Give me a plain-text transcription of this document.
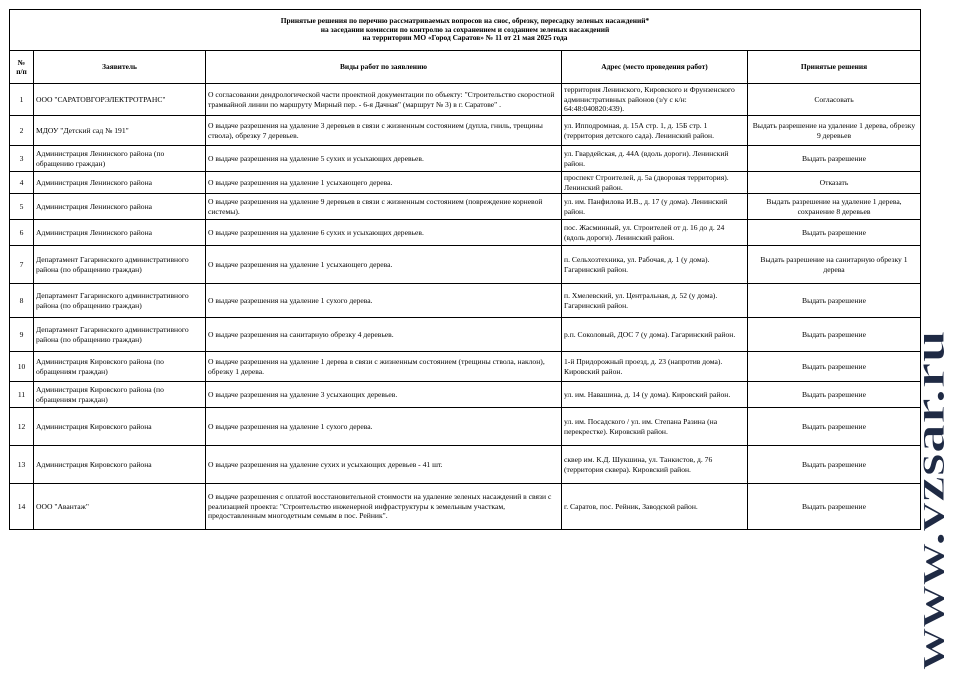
Принятые решения по перечню рассматриваемых вопросов на снос, обрезку, пересадку зеленых насаждений*
на заседании комиссии по контролю за сохранением и созданием зеленых насаждений
на территории МО «Город Саратов» № 11 от 21 мая 2025 года				

№
п/п	Заявитель	Виды работ по заявлению	Адрес (место проведения работ)	Принятые решения
1	ООО "САРАТОВГОРЭЛЕКТРОТРАНС"	О согласовании дендрологической части проектной документации по объекту: "Строительство скоростной трамвайной линии по маршруту Мирный пер. - 6-я Дачная" (маршрут № 3) в г. Саратове" .	территория Ленинского, Кировского и Фрунзенского административных районов (з/у с к/н: 64:48:040820:439).	Согласовать
2	МДОУ "Детский сад № 191"	О выдаче разрешения на удаление 3 деревьев в связи с жизненным состоянием (дупла, гниль, трещины ствола), обрезку 7 деревьев.	ул. Ипподромная, д. 15А стр. 1, д. 15Б стр. 1 (территория детского сада). Ленинский район.	Выдать разрешение на удаление 1 дерева, обрезку 9 деревьев
3	Администрация Ленинского района (по обращению граждан)	О выдаче разрешения на удаление 5 сухих и усыхающих деревьев.	ул. Гвардейская, д. 44А (вдоль дороги). Ленинский район.	Выдать разрешение
4	Администрация Ленинского района	О выдаче разрешения на удаление 1 усыхающего дерева.	проспект Строителей, д. 5а (дворовая территория). Ленинский район.	Отказать
5	Администрация Ленинского района	О выдаче разрешения на удаление 9 деревьев в связи с жизненным состоянием (повреждение корневой системы).	ул. им. Панфилова И.В., д. 17 (у дома). Ленинский район.	Выдать разрешение на удаление 1 дерева, сохранение 8 деревьев
6	Администрация Ленинского района	О выдаче разрешения на удаление 6 сухих и усыхающих деревьев.	пос. Жасминный, ул. Строителей от д. 16 до д. 24 (вдоль дороги). Ленинский район.	Выдать разрешение
7	Департамент Гагаринского административного района (по обращению граждан)	О выдаче разрешения на удаление 1 усыхающего дерева.	п. Сельхозтехника, ул. Рабочая, д. 1 (у дома). Гагаринский район.	Выдать разрешение на санитарную обрезку 1 дерева
8	Департамент Гагаринского административного района (по обращению граждан)	О выдаче разрешения на удаление 1 сухого дерева.	п. Хмелевский, ул. Центральная, д. 52 (у дома). Гагаринский район.	Выдать разрешение
9	Департамент Гагаринского административного района (по обращению граждан)	О выдаче разрешения на санитарную обрезку 4 деревьев.	р.п. Соколовый, ДОС 7 (у дома). Гагаринский район.	Выдать разрешение
10	Администрация Кировского района (по обращениям граждан)	О выдаче разрешения на удаление 1 дерева в связи с жизненным состоянием (трещины ствола, наклон), обрезку 1 дерева.	1-й Придорожный проезд, д. 23 (напротив дома). Кировский район.	Выдать разрешение
11	Администрация Кировского района (по обращениям граждан)	О выдаче разрешения на удаление 3 усыхающих деревьев.	ул. им. Навашина, д. 14 (у дома). Кировский район.	Выдать разрешение
12	Администрация Кировского района	О выдаче разрешения на удаление 1 сухого дерева.	ул. им. Посадского / ул. им. Степана Разина (на перекрестке). Кировский район.	Выдать разрешение
13	Администрация Кировского района	О выдаче разрешения на удаление сухих и усыхающих деревьев - 41 шт.	сквер им. К.Д. Шукшина, ул. Танкистов, д. 76 (территория сквера). Кировский район.	Выдать разрешение
14	ООО "Авантаж"	О выдаче разрешения с оплатой восстановительной стоимости на удаление зеленых насаждений в связи с реализацией проекта: "Строительство инженерной инфраструктуры к земельным участкам, предоставленным многодетным семьям в пос. Рейник".	г. Саратов, пос. Рейник, Заводской район.	Выдать разрешение www.vzsar.ru
